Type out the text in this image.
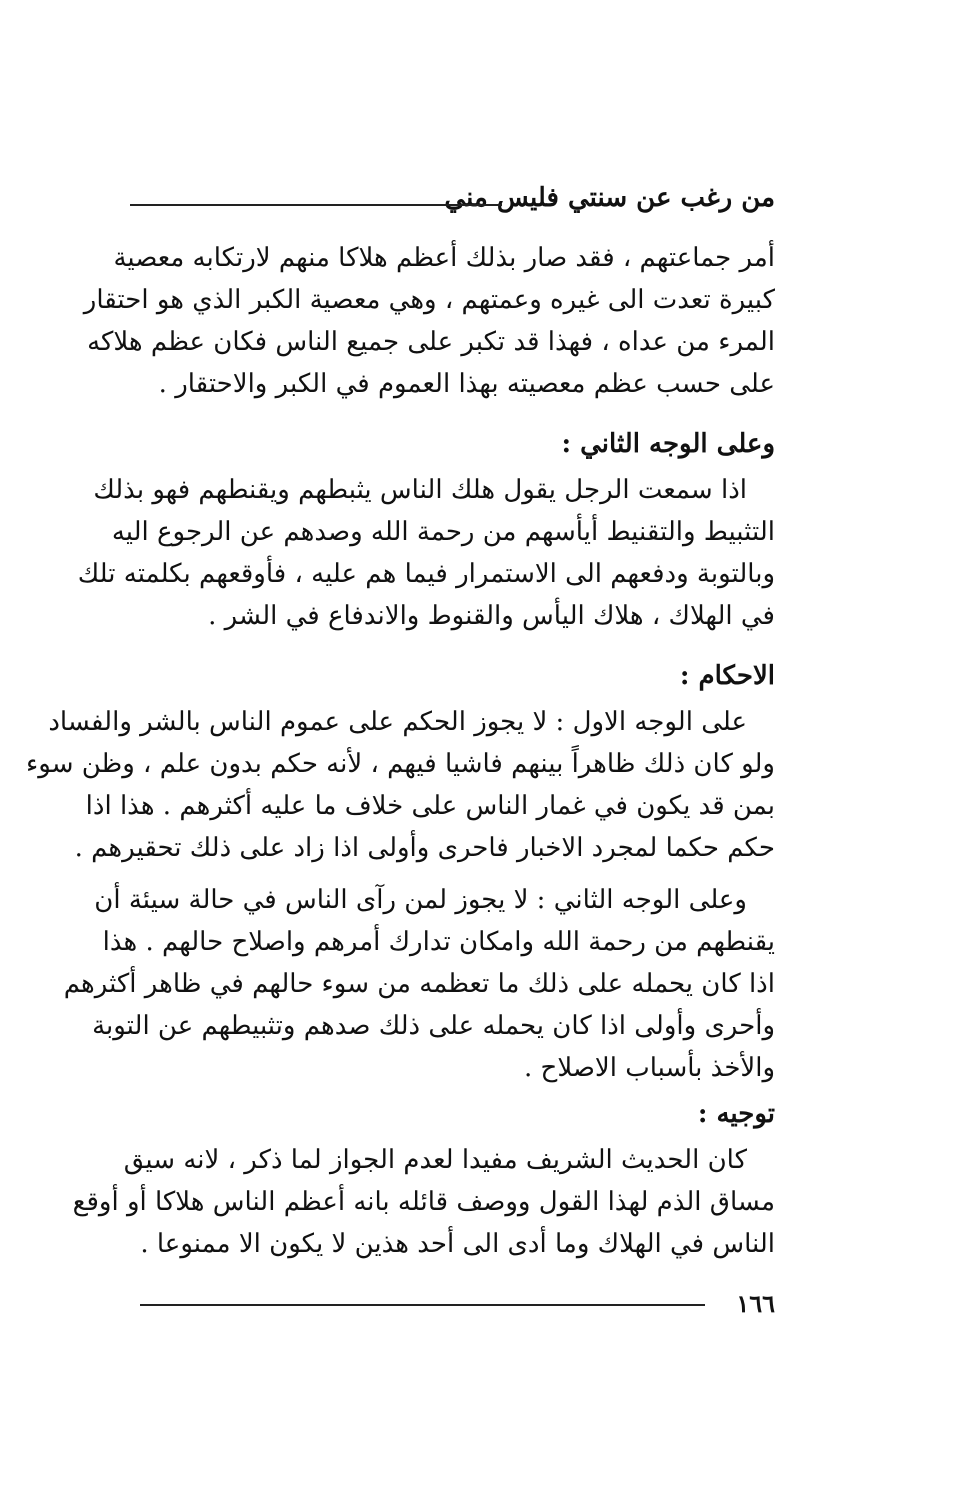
من رغب عن سنتي فليس مني
أمر جماعتهم ، فقد صار بذلك أعظم هلاكا منهم لارتكابه معصية
كبيرة تعدت الى غيره وعمتهم ، وهي معصية الكبر الذي هو احتقار
المرء من عداه ، فهذا قد تكبر على جميع الناس فكان عظم هلاكه
على حسب عظم معصيته بهذا العموم في الكبر والاحتقار .
وعلى الوجه الثاني :
اذا سمعت الرجل يقول هلك الناس يثبطهم ويقنطهم فهو بذلك
التثبيط والتقنيط أيأسهم من رحمة الله وصدهم عن الرجوع اليه
وبالتوبة ودفعهم الى الاستمرار فيما هم عليه ، فأوقعهم بكلمته تلك
في الهلاك ، هلاك اليأس والقنوط والاندفاع في الشر .
الاحكام :
على الوجه الاول : لا يجوز الحكم على عموم الناس بالشر والفساد
ولو كان ذلك ظاهراً بينهم فاشيا فيهم ، لأنه حكم بدون علم ، وظن سوء
بمن قد يكون في غمار الناس على خلاف ما عليه أكثرهم . هذا اذا
حكم حكما لمجرد الاخبار فاحرى وأولى اذا زاد على ذلك تحقيرهم .
وعلى الوجه الثاني : لا يجوز لمن رآى الناس في حالة سيئة أن
يقنطهم من رحمة الله وامكان تدارك أمرهم واصلاح حالهم . هذا
اذا كان يحمله على ذلك ما تعظمه من سوء حالهم في ظاهر أكثرهم
وأحرى وأولى اذا كان يحمله على ذلك صدهم وتثبيطهم عن التوبة
والأخذ بأسباب الاصلاح .
توجيه :
كان الحديث الشريف مفيدا لعدم الجواز لما ذكر ، لانه سيق
مساق الذم لهذا القول ووصف قائله بانه أعظم الناس هلاكا أو أوقع
الناس في الهلاك وما أدى الى أحد هذين لا يكون الا ممنوعا .
١٦٦
